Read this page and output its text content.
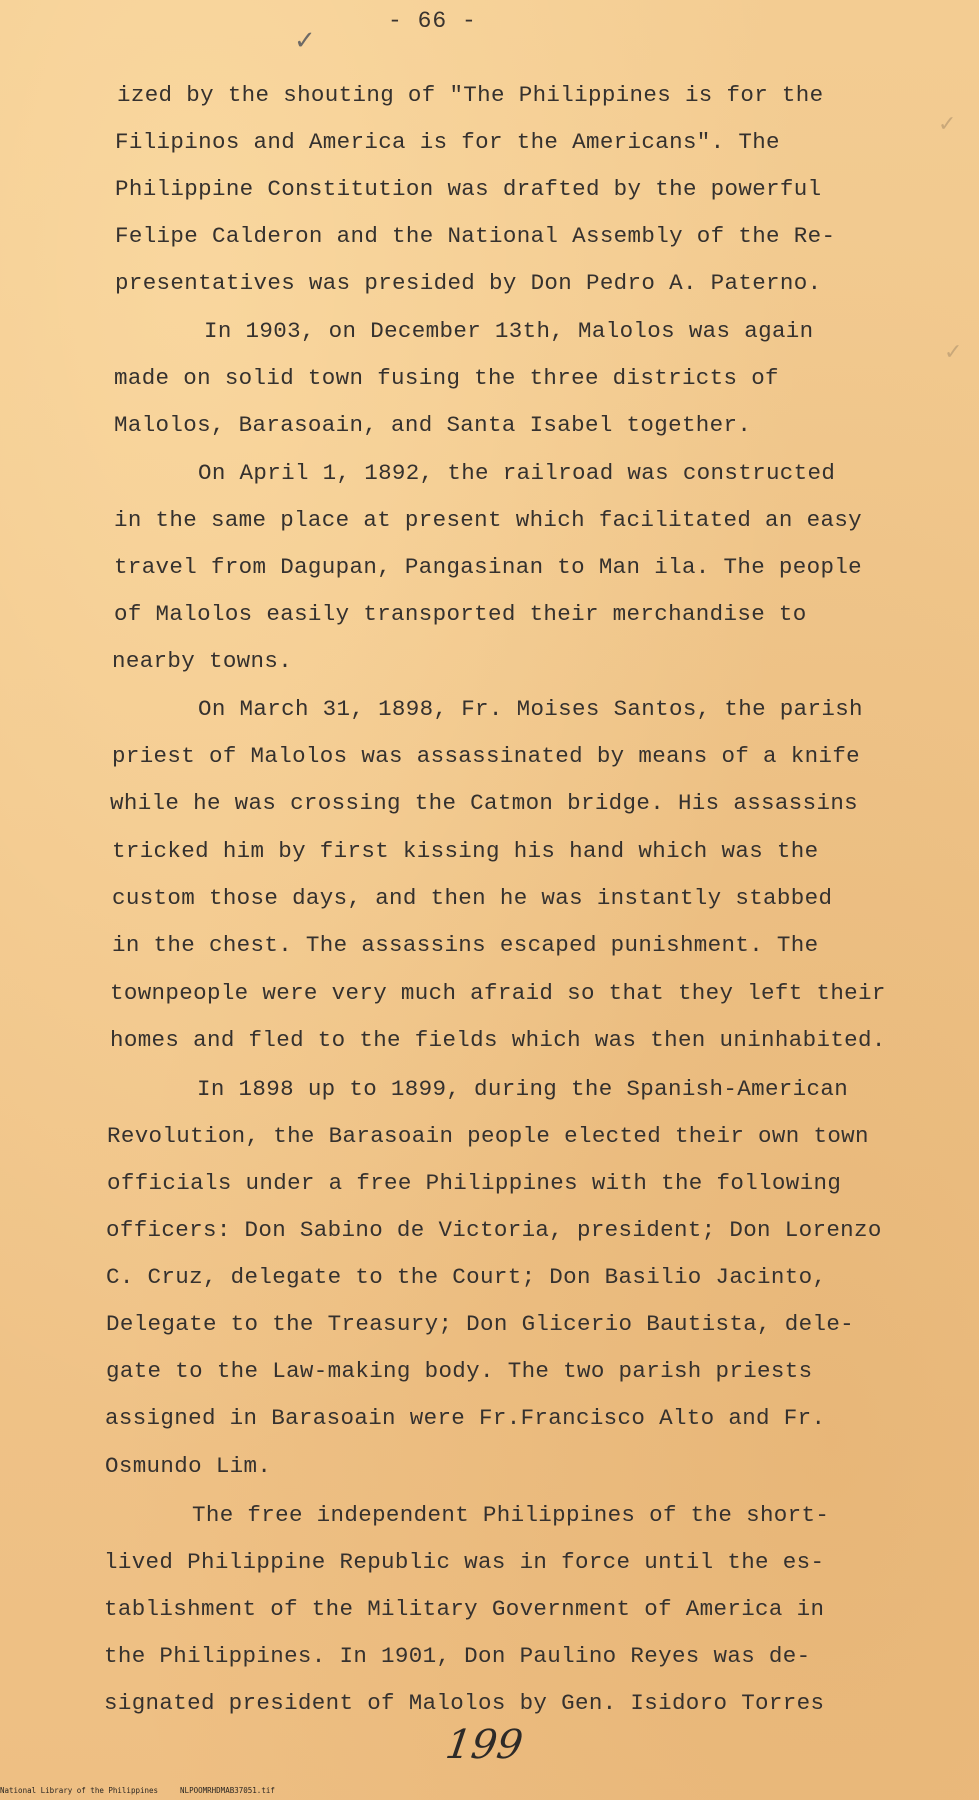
- 66 -
✓
✓
✓
ized by the shouting of "The Philippines is for the
Filipinos and America is for the Americans". The
Philippine Constitution was drafted by the powerful
Felipe Calderon and the National Assembly of the Re-
presentatives was presided by Don Pedro A. Paterno.
In 1903, on December 13th, Malolos was again
made on solid town fusing the three districts of
Malolos, Barasoain, and Santa Isabel together.
On April 1, 1892, the railroad was constructed
in the same place at present which facilitated an easy
travel from Dagupan, Pangasinan to Man ila. The people
of Malolos easily transported their merchandise to
nearby towns.
On March 31, 1898, Fr. Moises Santos, the parish
priest of Malolos was assassinated by means of a knife
while he was crossing the Catmon bridge. His assassins
tricked him by first kissing his hand which was the
custom those days, and then he was instantly stabbed
in the chest. The assassins escaped punishment. The
townpeople were very much afraid so that they left their
homes and fled to the fields which was then uninhabited.
In 1898 up to 1899, during the Spanish-American
Revolution, the Barasoain people elected their own town
officials under a free Philippines with the following
officers: Don Sabino de Victoria, president; Don Lorenzo
C. Cruz, delegate to the Court; Don Basilio Jacinto,
Delegate to the Treasury; Don Glicerio Bautista, dele-
gate to the Law-making body. The two parish priests
assigned in Barasoain were Fr.Francisco Alto and Fr.
Osmundo Lim.
The free independent Philippines of the short-
lived Philippine Republic was in force until the es-
tablishment of the Military Government of America in
the Philippines. In 1901, Don Paulino Reyes was de-
signated president of Malolos by Gen. Isidoro Torres
199
National Library of the Philippines	NLPOOMRHDMAB37051.tif
